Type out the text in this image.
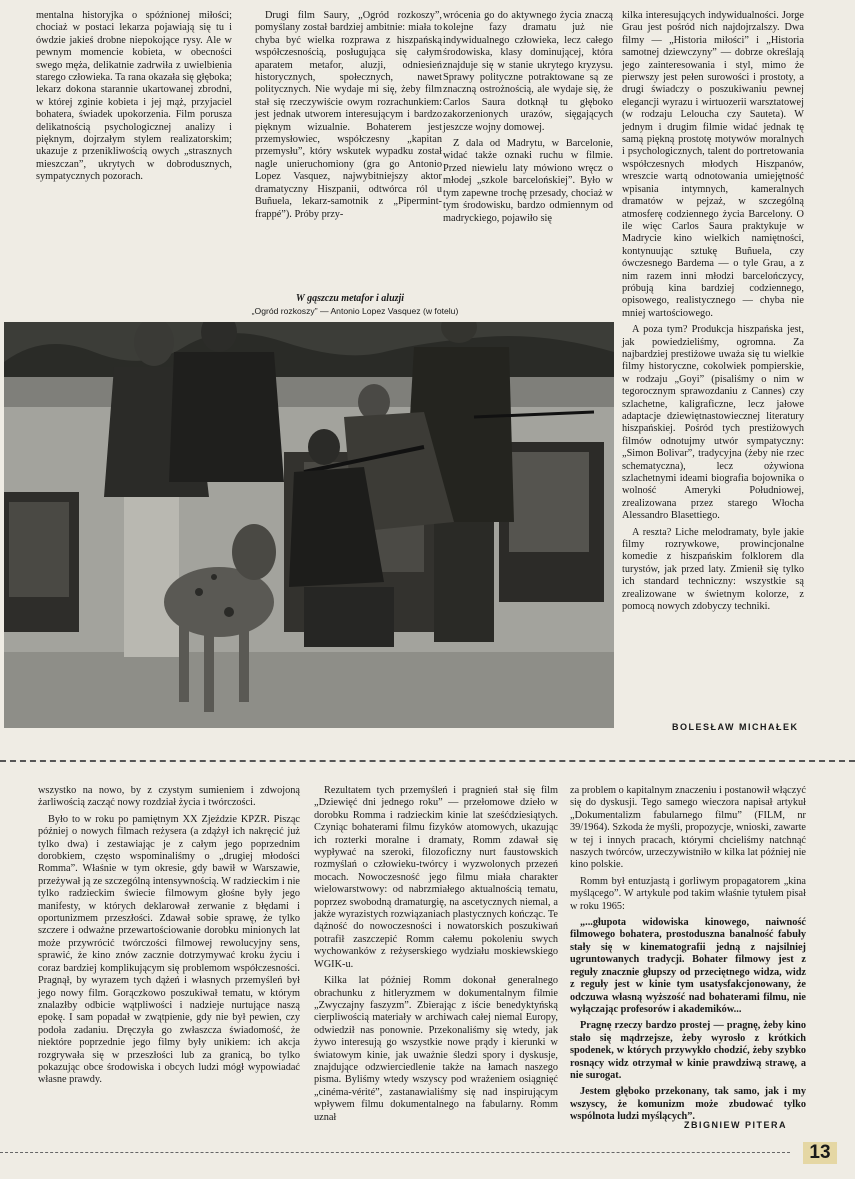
mentalna historyjka o spóźnionej miłości; chociaż w postaci lekarza pojawiają się tu i ówdzie jakieś drobne niepokojące rysy. Ale w pewnym momencie kobieta, w obecności swego męża, delikatnie zadrwiła z uwielbienia starego człowieka. Ta rana okazała się głęboka; lekarz dokona starannie ukartowanej zbrodni, w której zginie kobieta i jej mąż, przyjaciel bohatera, świadek upokorzenia. Film porusza delikatnością psychologicznej analizy i pięknym, dojrzałym stylem realizatorskim; ukazuje z przenikliwością owych „strasznych mieszczan”, ukrytych w dobrodusznych, sympatycznych pozorach.

Drugi film Saury, „Ogród rozkoszy”, pomyślany został bardziej ambitnie: miała to chyba być wielka rozprawa z hiszpańską współczesnością, posługująca się całym aparatem metafor, aluzji, odniesień historycznych, społecznych, nawet politycznych. Nie wydaje mi się, żeby film stał się rzeczywiście owym rozrachunkiem: jest jednak utworem interesującym i bardzo pięknym wizualnie. Bohaterem jest przemysłowiec, współczesny „kapitan przemysłu”, który wskutek wypadku został nagle unieruchomiony (gra go Antonio Lopez Vasquez, najwybitniejszy aktor dramatyczny Hiszpanii, odtwórca ról u Buñuela, lekarz-samotnik z „Pipermint-frappé”). Próby przy-

wrócenia go do aktywnego życia znaczą kolejne fazy dramatu już nie indywidualnego człowieka, lecz całego środowiska, klasy dominującej, która znajduje się w stanie ukrytego kryzysu. Sprawy polityczne potraktowane są ze znaczną ostrożnością, ale wydaje się, że Carlos Saura dotknął tu głęboko zakorzenionych urazów, sięgających jeszcze wojny domowej.

Z dala od Madrytu, w Barcelonie, widać także oznaki ruchu w filmie. Przed niewielu laty mówiono wręcz o młodej „szkole barcelońskiej”. Było w tym zapewne trochę przesady, chociaż w tym środowisku, bardzo odmiennym od madryckiego, pojawiło się

kilka interesujących indywidualności. Jorge Grau jest pośród nich najdojrzalszy. Dwa filmy — „Historia miłości” i „Historia samotnej dziewczyny” — dobrze określają jego zainteresowania i styl, mimo że pierwszy jest pełen surowości i prostoty, a drugi świadczy o poszukiwaniu pewnej elegancji wyrazu i wirtuozerii warsztatowej (w rodzaju Leloucha czy Sauteta). W jednym i drugim filmie widać jednak tę samą piękną prostotę motywów moralnych i psychologicznych, talent do portretowania współczesnych młodych Hiszpanów, wreszcie wartą odnotowania umiejętność wpisania intymnych, kameralnych dramatów w pejzaż, w szczególną atmosferę codziennego życia Barcelony. O ile więc Carlos Saura praktykuje w Madrycie kino wielkich namiętności, kontynuując sztukę Buñuela, czy ówczesnego Bardema — o tyle Grau, a z nim razem inni młodzi barcelończycy, próbują kina bardziej codziennego, opisowego, realistycznego — chyba nie mniej wartościowego.

A poza tym? Produkcja hiszpańska jest, jak powiedzieliśmy, ogromna. Za najbardziej prestiżowe uważa się tu wielkie filmy historyczne, cokolwiek pompierskie, w rodzaju „Goyi” (pisaliśmy o nim w tegorocznym sprawozdaniu z Cannes) czy szlachetne, kaligraficzne, lecz jałowe adaptacje dziewiętnastowiecznej literatury hiszpańskiej. Pośród tych prestiżowych filmów odnotujmy utwór sympatyczny: „Simon Bolivar”, tradycyjna (żeby nie rzec schematyczna), lecz ożywiona szlachetnymi ideami biografia bojownika o wolność Ameryki Południowej, zrealizowana przez starego Włocha Alessandro Blasettiego.

A reszta? Liche melodramaty, byle jakie filmy rozrywkowe, prowincjonalne komedie z hiszpańskim folklorem dla turystów, jak przed laty. Zmienił się tylko ich standard techniczny: wszystkie są zrealizowane w świetnym kolorze, z pomocą nowych zdobyczy techniki.

BOLESŁAW MICHAŁEK
W gąszczu metafor i aluzji
„Ogród rozkoszy” — Antonio Lopez Vasquez (w fotelu)

wszystko na nowo, by z czystym sumieniem i zdwojoną żarliwością zacząć nowy rozdział życia i twórczości.

Było to w roku po pamiętnym XX Zjeździe KPZR. Pisząc później o nowych filmach reżysera (a zdążył ich nakręcić już tylko dwa) i zestawiając je z całym jego poprzednim dorobkiem, często wspominaliśmy o „drugiej młodości Romma”. Właśnie w tym okresie, gdy bawił w Warszawie, przeżywał ją ze szczególną intensywnością. W radzieckim i nie tylko radzieckim świecie filmowym głośne były jego manifesty, w których deklarował zerwanie z błędami i oportunizmem przeszłości. Zdawał sobie sprawę, że tylko szczere i odważne przewartościowanie dorobku minionych lat może przywrócić twórczości filmowej rewolucyjny sens, sprawić, że kino znów zacznie dotrzymywać kroku życiu i coraz bardziej komplikującym się problemom współczesności. Pragnął, by wyrazem tych dążeń i własnych przemyśleń był jego nowy film. Gorączkowo poszukiwał tematu, w którym znalazłby odbicie wątpliwości i nadzieje nurtujące naszą epokę. I sam popadał w zwątpienie, gdy nie był pewien, czy podoła zadaniu. Dręczyła go zwłaszcza świadomość, że niektóre poprzednie jego filmy były unikiem: ich akcja rozgrywała się w przeszłości lub za granicą, bo tylko pokazując obce środowiska i obcych ludzi mógł wypowiadać własne prawdy.

Rezultatem tych przemyśleń i pragnień stał się film „Dziewięć dni jednego roku” — przełomowe dzieło w dorobku Romma i radzieckim kinie lat sześćdziesiątych. Czyniąc bohaterami filmu fizyków atomowych, ukazując ich rozterki moralne i dramaty, Romm zdawał się wypływać na szeroki, filozoficzny nurt faustowskich rozmyślań o człowieku-twórcy i wyzwolonych przezeń mocach. Nowoczesność jego filmu miała charakter wielowarstwowy: od nabrzmiałego aktualnością tematu, poprzez swobodną dramaturgię, na ascetycznych niemal, a jakże wyrazistych rozwiązaniach plastycznych kończąc. Te dążność do nowoczesności i nowatorskich poszukiwań potrafił zaszczepić Romm całemu pokoleniu swych wychowanków z reżyserskiego wydziału moskiewskiego WGIK-u.

Kilka lat później Romm dokonał generalnego obrachunku z hitleryzmem w dokumentalnym filmie „Zwyczajny faszyzm”. Zbierając z iście benedyktyńską cierpliwością materiały w archiwach całej niemal Europy, odwiedził nas ponownie. Przekonaliśmy się wtedy, jak żywo interesują go wszystkie nowe prądy i kierunki w światowym kinie, jak uważnie śledzi spory i dyskusje, znajdujące odzwierciedlenie także na łamach naszego pisma. Byliśmy wtedy wszyscy pod wrażeniem osiągnięć „cinéma-vérité”, zastanawialiśmy się nad inspirującym wpływem filmu dokumentalnego na fabularny. Romm uznał

za problem o kapitalnym znaczeniu i postanowił włączyć się do dyskusji. Tego samego wieczora napisał artykuł „Dokumentalizm fabularnego filmu” (FILM, nr 39/1964). Szkoda że myśli, propozycje, wnioski, zawarte w tej i innych pracach, którymi chcieliśmy natchnąć naszych twórców, urzeczywistniło w kilka lat później nie kino polskie.

Romm był entuzjastą i gorliwym propagatorem „kina myślącego”. W artykule pod takim właśnie tytułem pisał w roku 1965:

„...głupota widowiska kinowego, naiwność filmowego bohatera, prostoduszna banalność fabuły stały się w kinematografii jedną z najsilniej ugruntowanych tradycji. Bohater filmowy jest z reguły znacznie głupszy od przeciętnego widza, widz z reguły jest w kinie tym usatysfakcjonowany, że odczuwa własną wyższość nad bohaterami filmu, nie wyłączając profesorów i akademików...

Pragnę rzeczy bardzo prostej — pragnę, żeby kino stało się mądrzejsze, żeby wyrosło z krótkich spodenek, w których przywykło chodzić, żeby szybko rosnący widz otrzymał w kinie prawdziwą strawę, a nie surogat.

Jestem głęboko przekonany, tak samo, jak i my wszyscy, że komunizm może zbudować tylko wspólnota ludzi myślących”.

ZBIGNIEW PITERA
13
